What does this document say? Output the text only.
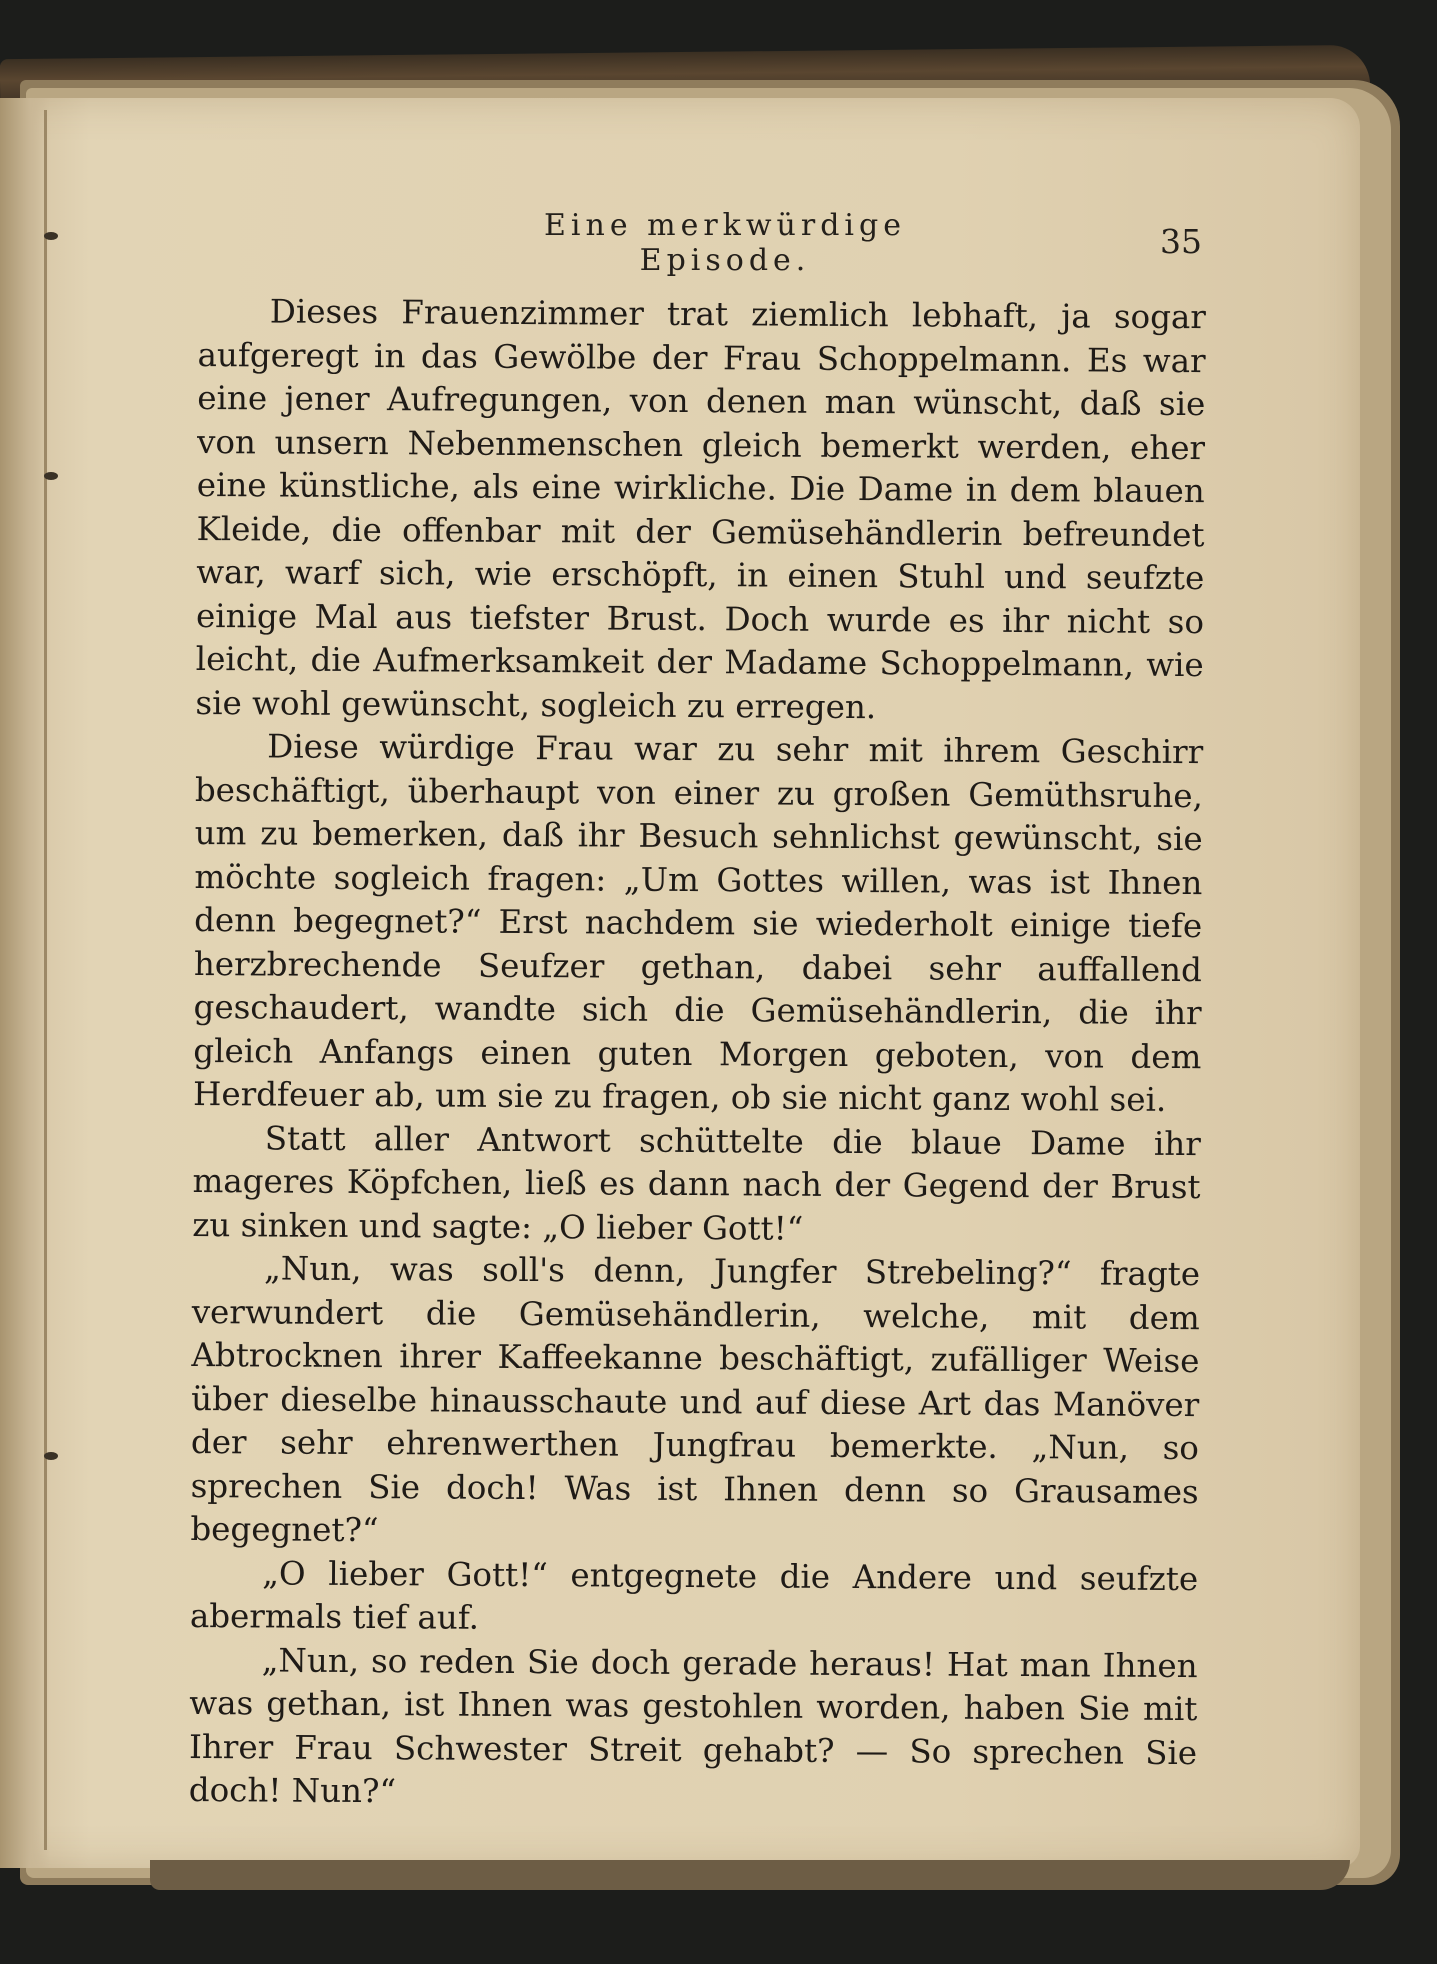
Eine merkwürdige Episode.	35

Dieses Frauenzimmer trat ziemlich lebhaft, ja sogar aufgeregt in das Gewölbe der Frau Schoppelmann. Es war eine jener Aufregungen, von denen man wünscht, daß sie von unsern Nebenmenschen gleich bemerkt werden, eher eine künstliche, als eine wirkliche. Die Dame in dem blauen Kleide, die offenbar mit der Gemüsehändlerin befreundet war, warf sich, wie erschöpft, in einen Stuhl und seufzte einige Mal aus tiefster Brust. Doch wurde es ihr nicht so leicht, die Aufmerksamkeit der Madame Schoppelmann, wie sie wohl gewünscht, sogleich zu erregen.

Diese würdige Frau war zu sehr mit ihrem Geschirr beschäftigt, überhaupt von einer zu großen Gemüthsruhe, um zu bemerken, daß ihr Besuch sehnlichst gewünscht, sie möchte sogleich fragen: „Um Gottes willen, was ist Ihnen denn begegnet?“ Erst nachdem sie wiederholt einige tiefe herzbrechende Seufzer gethan, dabei sehr auffallend geschaudert, wandte sich die Gemüsehändlerin, die ihr gleich Anfangs einen guten Morgen geboten, von dem Herdfeuer ab, um sie zu fragen, ob sie nicht ganz wohl sei.

Statt aller Antwort schüttelte die blaue Dame ihr mageres Köpfchen, ließ es dann nach der Gegend der Brust zu sinken und sagte: „O lieber Gott!“

„Nun, was soll's denn, Jungfer Strebeling?“ fragte verwundert die Gemüsehändlerin, welche, mit dem Abtrocknen ihrer Kaffeekanne beschäftigt, zufälliger Weise über dieselbe hinausschaute und auf diese Art das Manöver der sehr ehrenwerthen Jungfrau bemerkte. „Nun, so sprechen Sie doch! Was ist Ihnen denn so Grausames begegnet?“

„O lieber Gott!“ entgegnete die Andere und seufzte abermals tief auf.

„Nun, so reden Sie doch gerade heraus! Hat man Ihnen was gethan, ist Ihnen was gestohlen worden, haben Sie mit Ihrer Frau Schwester Streit gehabt? — So sprechen Sie doch! Nun?“
